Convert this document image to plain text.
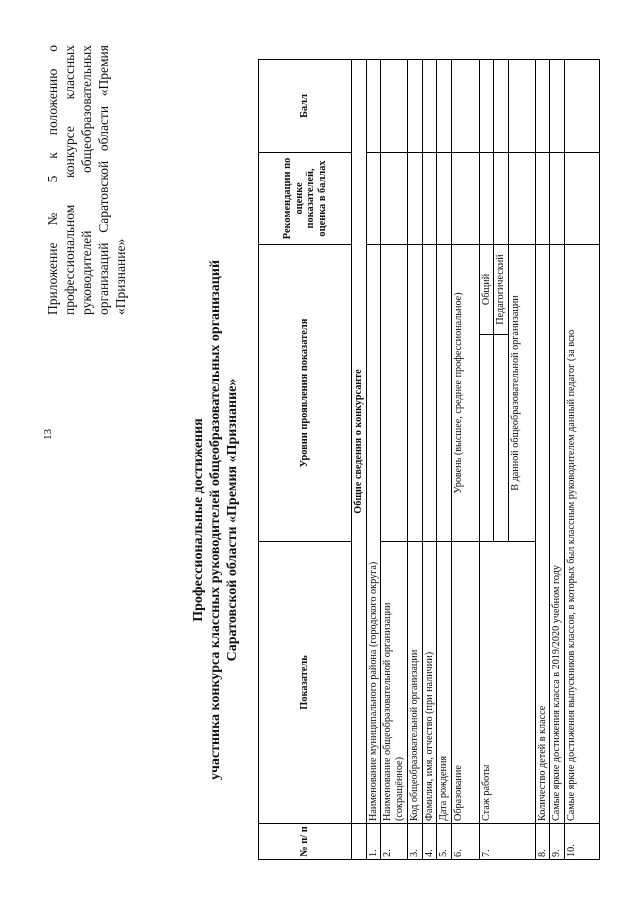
13
Приложение № 5 к положению о профессиональном конкурсе классных руководителей общеобразовательных организаций Саратовской области «Премия «Признание»
Профессиональные достижения участника конкурса классных руководителей общеобразовательных организаций Саратовской области «Премия «Признание»
№ п/ п	Показатель	Уровни проявления показателя		Рекомендации по оценке показателей, оценка в баллах	Балл
	Общие сведения о конкурсанте				
1.	Наименование муниципального района (городского округа)				
2.	Наименование общеобразовательной организации (сокращённое)				
3.	Код общеобразовательной организации				
4.	Фамилия, имя, отчество (при наличии)				
5.	Дата рождения				
6.	Образование	Уровень (высшее, среднее профессиональное)			
7.	Стаж работы		Общий		
			Педагогический		
		В данной общеобразовательной организации			
8.	Количество детей в классе				
9.	Самые яркие достижения класса в 2019/2020 учебном году				
10.	Самые яркие достижения выпускников классов, в которых был классным руководителем данный педагог (за всю				
